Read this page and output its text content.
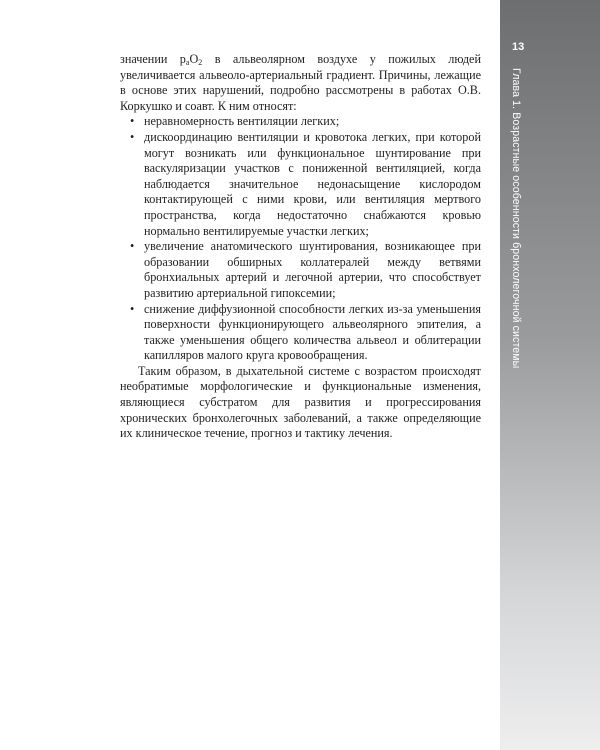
13
Глава 1. Возрастные особенности бронхолегочной системы

значении $р_аO_2$ в альвеолярном воздухе у пожилых людей увеличивается альвеоло-артериальный градиент. Причины, лежащие в основе этих нарушений, подробно рассмотрены в работах О.В. Коркушко и соавт. К ним относят:

• неравномерность вентиляции легких;
• дискоординацию вентиляции и кровотока легких, при которой могут возникать или функциональное шунтирование при васкуляризации участков с пониженной вентиляцией, когда наблюдается значительное недонасыщение кислородом контактирующей с ними крови, или вентиляция мертвого пространства, когда недостаточно снабжаются кровью нормально вентилируемые участки легких;
• увеличение анатомического шунтирования, возникающее при образовании обширных коллатералей между ветвями бронхиальных артерий и легочной артерии, что способствует развитию артериальной гипоксемии;
• снижение диффузионной способности легких из-за уменьшения поверхности функционирующего альвеолярного эпителия, а также уменьшения общего количества альвеол и облитерации капилляров малого круга кровообращения.

Таким образом, в дыхательной системе с возрастом происходят необратимые морфологические и функциональные изменения, являющиеся субстратом для развития и прогрессирования хронических бронхолегочных заболеваний, а также определяющие их клиническое течение, прогноз и тактику лечения.
